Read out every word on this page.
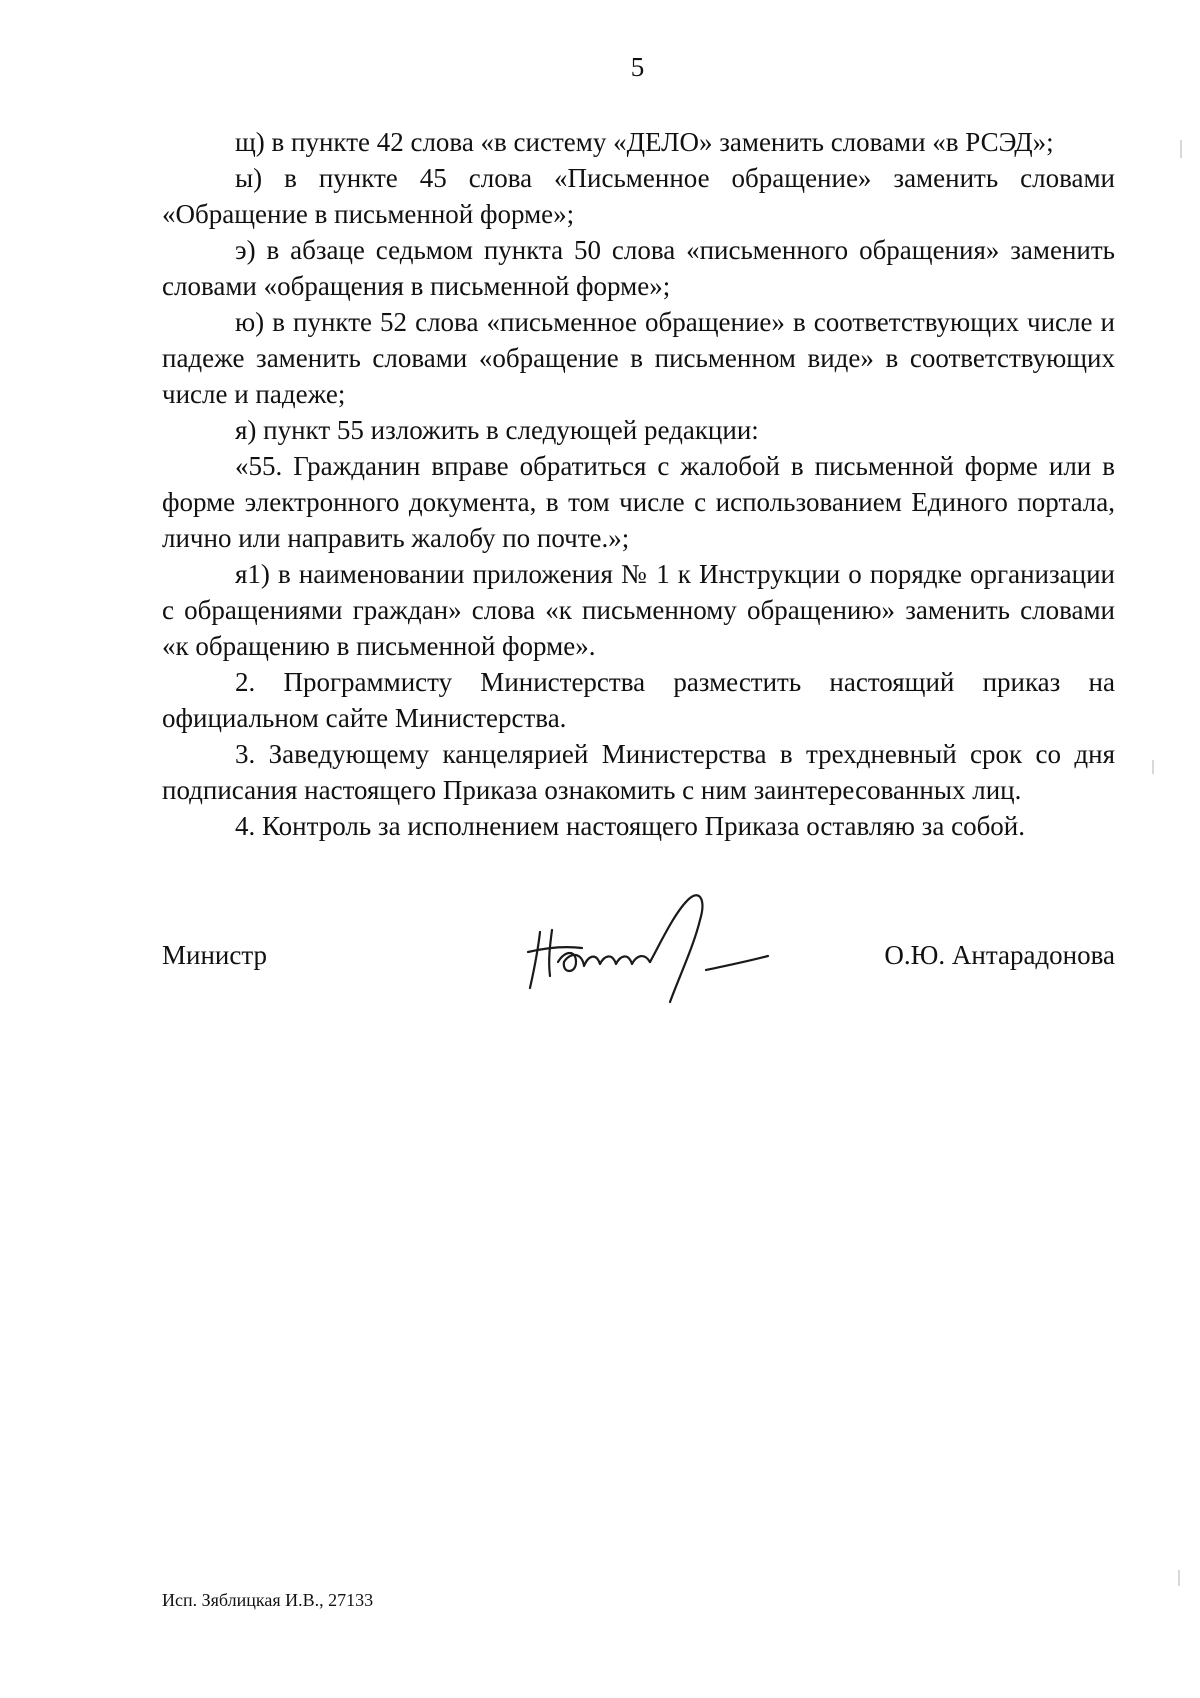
5

щ) в пункте 42 слова «в систему «ДЕЛО» заменить словами «в РСЭД»;

ы) в пункте 45 слова «Письменное обращение» заменить словами «Обращение в письменной форме»;

э) в абзаце седьмом пункта 50 слова «письменного обращения» заменить словами «обращения в письменной форме»;

ю) в пункте 52 слова «письменное обращение» в соответствующих числе и падеже заменить словами «обращение в письменном виде» в соответствующих числе и падеже;

я) пункт 55 изложить в следующей редакции:

«55. Гражданин вправе обратиться с жалобой в письменной форме или в форме электронного документа, в том числе с использованием Единого портала, лично или направить жалобу по почте.»;

я1) в наименовании приложения № 1 к Инструкции о порядке организации с обращениями граждан» слова «к письменному обращению» заменить словами «к обращению в письменной форме».

2. Программисту Министерства разместить настоящий приказ на официальном сайте Министерства.

3. Заведующему канцелярией Министерства в трехдневный срок со дня подписания настоящего Приказа ознакомить с ним заинтересованных лиц.

4. Контроль за исполнением настоящего Приказа оставляю за собой.

Министр	О.Ю. Антарадонова
Исп. Зяблицкая И.В., 27133
